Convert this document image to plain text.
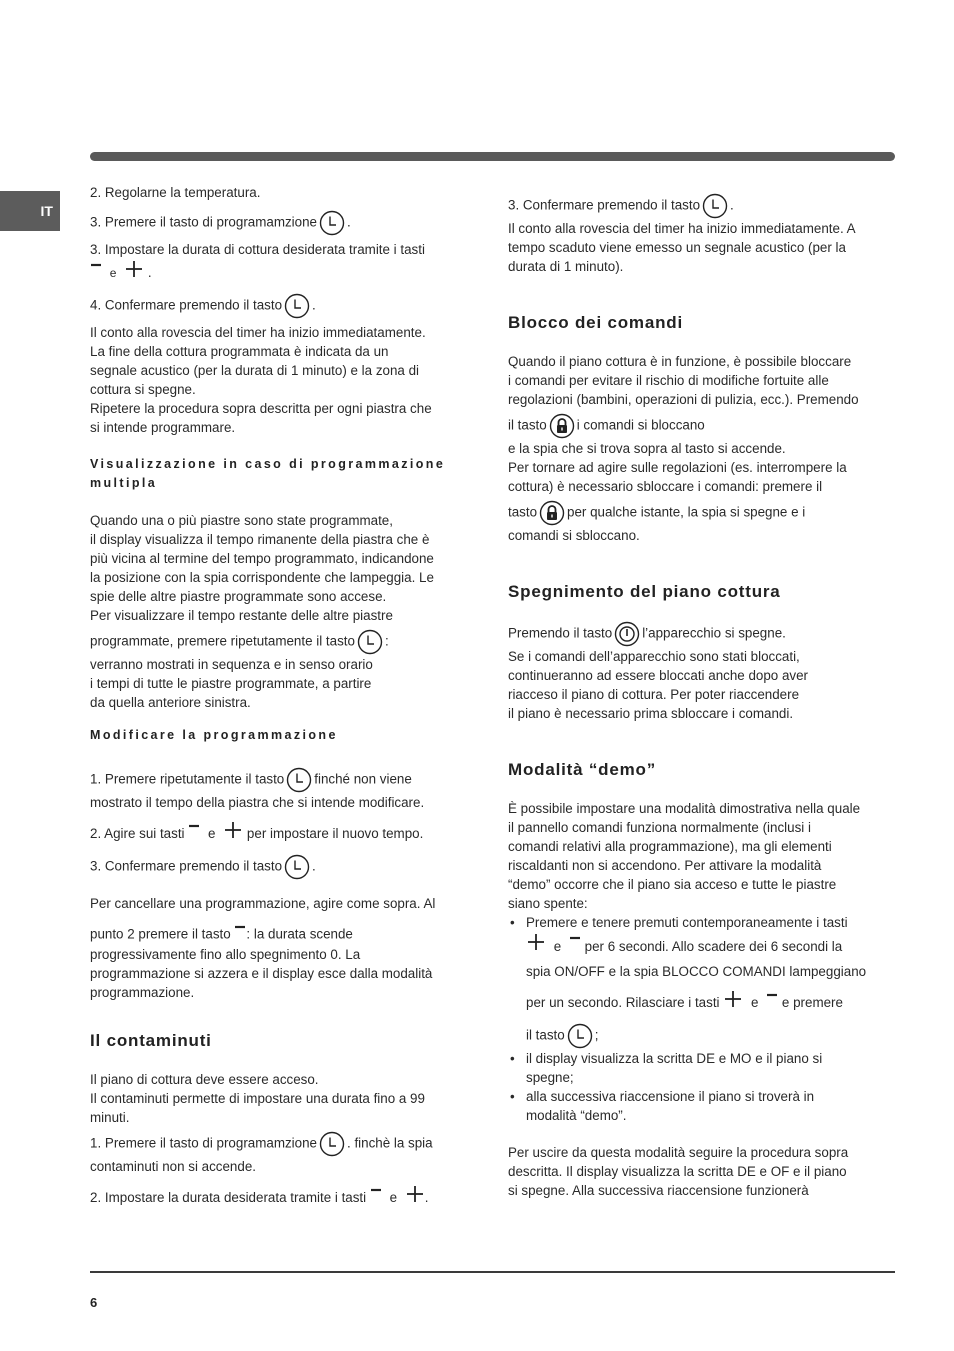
IT
2. Regolarne la temperatura.
3. Premere il tasto di programamzione .
3. Impostare la durata di cottura desiderata tramite i tasti
e .
4. Confermare premendo il tasto .
Il conto alla rovescia del timer ha inizio immediatamente.
La fine della cottura programmata è indicata da un
segnale acustico (per la durata di 1 minuto) e la zona di
cottura si spegne.
Ripetere la procedura sopra descritta per ogni piastra che
si intende programmare.
Visualizzazione in caso di programmazione
multipla
Quando una o più piastre sono state programmate,
il display visualizza il tempo rimanente della piastra che è
più vicina al termine del tempo programmato, indicandone
la posizione con la spia corrispondente che lampeggia. Le
spie delle altre piastre programmate sono accese.
Per visualizzare il tempo restante delle altre piastre
programmate, premere ripetutamente il tasto :
verranno mostrati in sequenza e in senso orario
i tempi di tutte le piastre programmate, a partire
da quella anteriore sinistra.
Modificare la programmazione
1. Premere ripetutamente il tasto finché non viene
mostrato il tempo della piastra che si intende modificare.
2. Agire sui tasti e per impostare il nuovo tempo.
3. Confermare premendo il tasto .
Per cancellare una programmazione, agire come sopra. Al
punto 2 premere il tasto : la durata scende
progressivamente fino allo spegnimento 0. La
programmazione si azzera e il display esce dalla modalità
programmazione.
Il contaminuti
Il piano di cottura deve essere acceso.
Il contaminuti permette di impostare una durata fino a 99
minuti.
1. Premere il tasto di programamzione . finchè la spia
contaminuti non si accende.
2. Impostare la durata desiderata tramite i tasti e .
3. Confermare premendo il tasto .
Il conto alla rovescia del timer ha inizio immediatamente. A
tempo scaduto viene emesso un segnale acustico (per la
durata di 1 minuto).
Blocco dei comandi
Quando il piano cottura è in funzione, è possibile bloccare
i comandi per evitare il rischio di modifiche fortuite alle
regolazioni (bambini, operazioni di pulizia, ecc.). Premendo
il tasto i comandi si bloccano
e la spia che si trova sopra al tasto si accende.
Per tornare ad agire sulle regolazioni (es. interrompere la
cottura) è necessario sbloccare i comandi: premere il
tasto per qualche istante, la spia si spegne e i
comandi si sbloccano.
Spegnimento del piano cottura
Premendo il tasto l’apparecchio si spegne.
Se i comandi dell’apparecchio sono stati bloccati,
continueranno ad essere bloccati anche dopo aver
riacceso il piano di cottura. Per poter riaccendere
il piano è necessario prima sbloccare i comandi.
Modalità “demo”
È possibile impostare una modalità dimostrativa nella quale
il pannello comandi funziona normalmente (inclusi i
comandi relativi alla programmazione), ma gli elementi
riscaldanti non si accendono. Per attivare la modalità
“demo” occorre che il piano sia acceso e tutte le piastre
siano spente:
• Premere e tenere premuti contemporaneamente i tasti
e per 6 secondi. Allo scadere dei 6 secondi la
spia ON/OFF e la spia BLOCCO COMANDI lampeggiano
per un secondo. Rilasciare i tasti e e premere
il tasto ;
• il display visualizza la scritta DE e MO e il piano si
spegne;
• alla successiva riaccensione il piano si troverà in
modalità “demo”.
Per uscire da questa modalità seguire la procedura sopra
descritta. Il display visualizza la scritta DE e OF e il piano
si spegne. Alla successiva riaccensione funzionerà
6
